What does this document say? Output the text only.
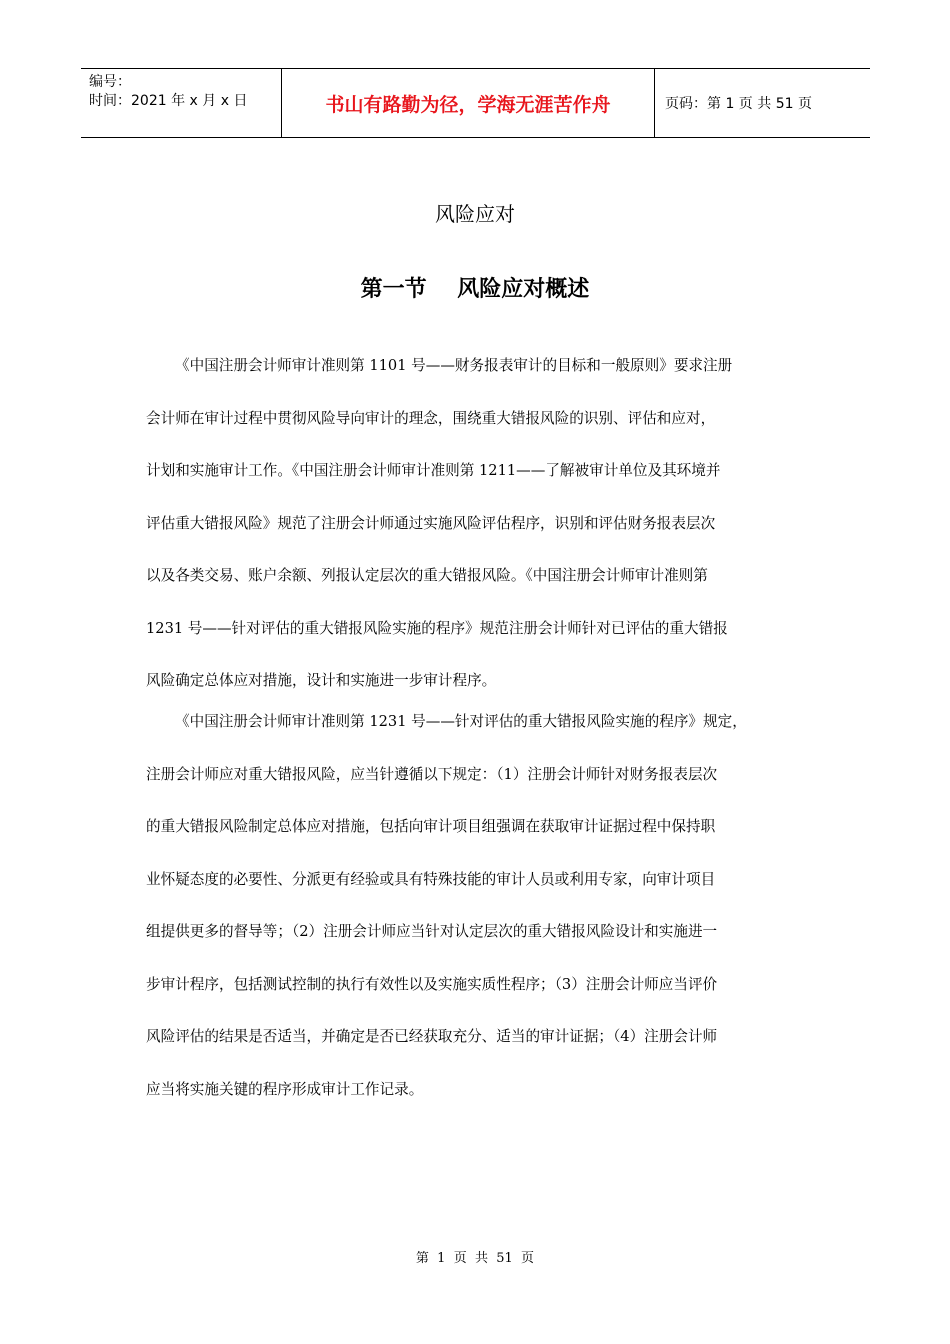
编号：
时间：2021 年 x 月 x 日	书山有路勤为径，学海无涯苦作舟	页码：第 1 页 共 51 页
风险应对
第一节    风险应对概述
《中国注册会计师审计准则第 1101 号——财务报表审计的目标和一般原则》要求注册
会计师在审计过程中贯彻风险导向审计的理念，围绕重大错报风险的识别、评估和应对，
计划和实施审计工作。《中国注册会计师审计准则第 1211——了解被审计单位及其环境并
评估重大错报风险》规范了注册会计师通过实施风险评估程序，识别和评估财务报表层次
以及各类交易、账户余额、列报认定层次的重大错报风险。《中国注册会计师审计准则第
1231 号——针对评估的重大错报风险实施的程序》规范注册会计师针对已评估的重大错报
风险确定总体应对措施，设计和实施进一步审计程序。
《中国注册会计师审计准则第 1231 号——针对评估的重大错报风险实施的程序》规定，
注册会计师应对重大错报风险，应当针遵循以下规定：（1）注册会计师针对财务报表层次
的重大错报风险制定总体应对措施，包括向审计项目组强调在获取审计证据过程中保持职
业怀疑态度的必要性、分派更有经验或具有特殊技能的审计人员或利用专家，向审计项目
组提供更多的督导等；（2）注册会计师应当针对认定层次的重大错报风险设计和实施进一
步审计程序，包括测试控制的执行有效性以及实施实质性程序；（3）注册会计师应当评价
风险评估的结果是否适当，并确定是否已经获取充分、适当的审计证据；（4）注册会计师
应当将实施关键的程序形成审计工作记录。
第  1  页  共  51  页
